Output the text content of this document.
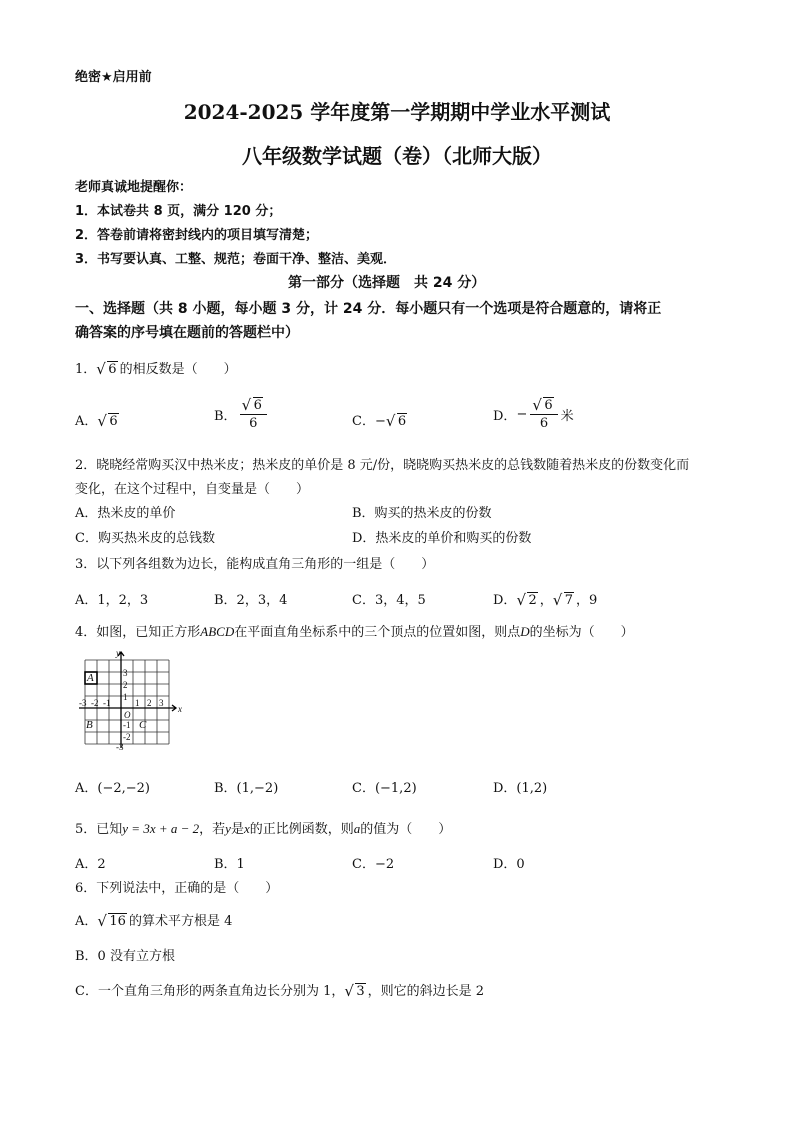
绝密★启用前
2024-2025 学年度第一学期期中学业水平测试
八年级数学试题（卷）（北师大版）
老师真诚地提醒你：
1．本试卷共 8 页，满分 120 分；
2．答卷前请将密封线内的项目填写清楚；
3．书写要认真、工整、规范；卷面干净、整洁、美观．
第一部分（选择题　共 24 分）
一、选择题（共 8 小题，每小题 3 分，计 24 分．每小题只有一个选项是符合题意的，请将正
确答案的序号填在题前的答题栏中）
1． √ 6 的相反数是（　　）
A． √ 6	B． √ $\frac{6}{6}$	C．− √ 6	D． − √ $\frac{6}{6}$ 米
2．晓晓经常购买汉中热米皮；热米皮的单价是 8 元/份，晓晓购买热米皮的总钱数随着热米皮的份数变化而
变化，在这个过程中，自变量是（　　）
A．热米皮的单价	B．购买的热米皮的份数
C．购买热米皮的总钱数	D．热米皮的单价和购买的份数
3．以下列各组数为边长，能构成直角三角形的一组是（　　）
A．1，2，3	B．2，3，4	C．3，4，5	D． √ 2 ， √ 7 ，9
4．如图，已知正方形ABCD在平面直角坐标系中的三个顶点的位置如图，则点D的坐标为（　　）
y
x
O
3
2
1
-1
-2
-3
-3 -2 -1	1 2 3
A
B	C
A．(−2,−2)	B．(1,−2)	C．(−1,2)	D．(1,2)
5．已知y = 3x + a − 2，若y是x的正比例函数，则a的值为（　　）
A．2	B．1	C．−2	D．0
6．下列说法中，正确的是（　　）
A． √ 16 的算术平方根是 4
B．0 没有立方根
C．一个直角三角形的两条直角边长分别为 1， √ 3 ，则它的斜边长是 2
